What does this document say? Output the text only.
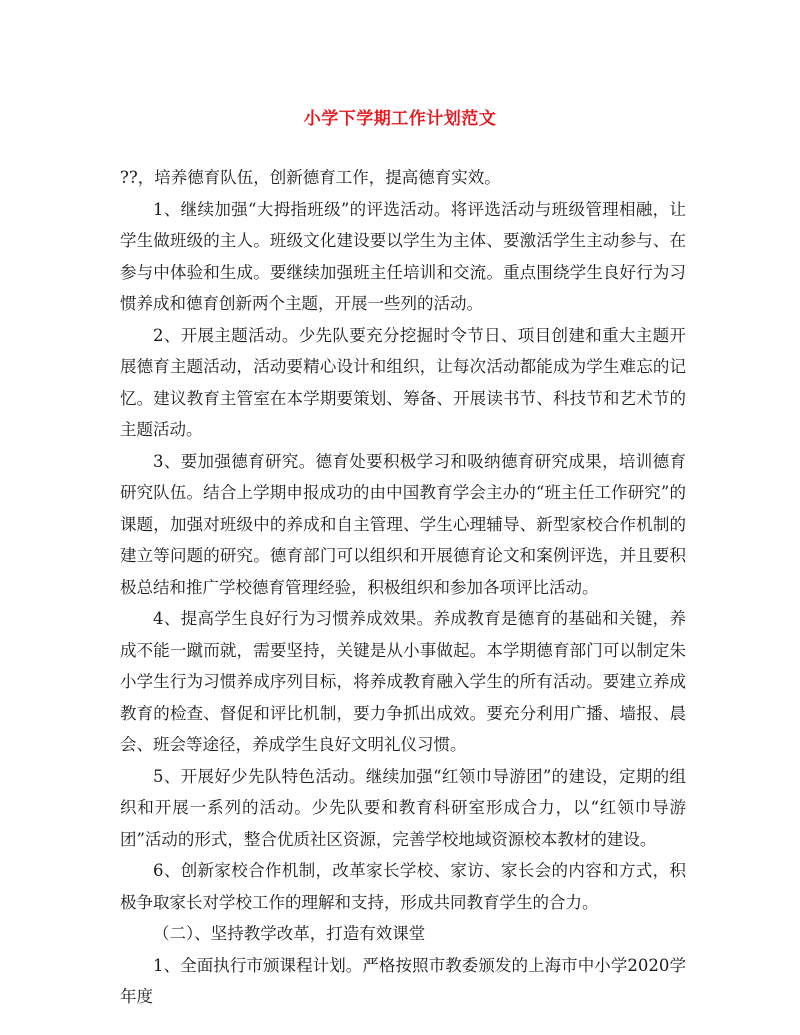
小学下学期工作计划范文

??，培养德育队伍，创新德育工作，提高德育实效。

1、继续加强“大拇指班级”的评选活动。将评选活动与班级管理相融，让学生做班级的主人。班级文化建设要以学生为主体、要激活学生主动参与、在参与中体验和生成。要继续加强班主任培训和交流。重点围绕学生良好行为习惯养成和德育创新两个主题，开展一些列的活动。

2、开展主题活动。少先队要充分挖掘时令节日、项目创建和重大主题开展德育主题活动，活动要精心设计和组织，让每次活动都能成为学生难忘的记忆。建议教育主管室在本学期要策划、筹备、开展读书节、科技节和艺术节的主题活动。

3、要加强德育研究。德育处要积极学习和吸纳德育研究成果，培训德育研究队伍。结合上学期申报成功的由中国教育学会主办的“班主任工作研究”的课题，加强对班级中的养成和自主管理、学生心理辅导、新型家校合作机制的建立等问题的研究。德育部门可以组织和开展德育论文和案例评选，并且要积极总结和推广学校德育管理经验，积极组织和参加各项评比活动。

4、提高学生良好行为习惯养成效果。养成教育是德育的基础和关键，养成不能一蹴而就，需要坚持，关键是从小事做起。本学期德育部门可以制定朱小学生行为习惯养成序列目标，将养成教育融入学生的所有活动。要建立养成教育的检查、督促和评比机制，要力争抓出成效。要充分利用广播、墙报、晨会、班会等途径，养成学生良好文明礼仪习惯。

5、开展好少先队特色活动。继续加强“红领巾导游团”的建设，定期的组织和开展一系列的活动。少先队要和教育科研室形成合力，以“红领巾导游团”活动的形式，整合优质社区资源，完善学校地域资源校本教材的建设。

6、创新家校合作机制，改革家长学校、家访、家长会的内容和方式，积极争取家长对学校工作的理解和支持，形成共同教育学生的合力。

（二）、坚持教学改革，打造有效课堂

1、全面执行市颁课程计划。严格按照市教委颁发的上海市中小学2020学年度
